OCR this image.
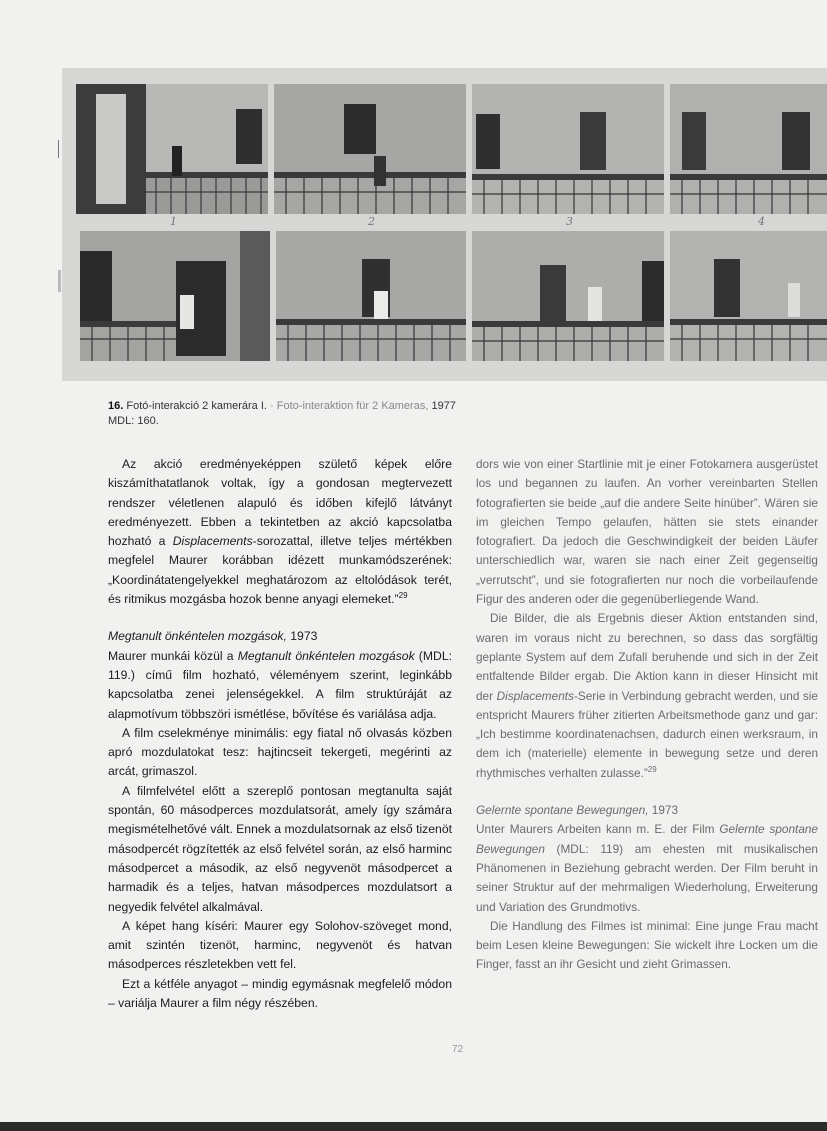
1	2	3	4
16. Fotó-interakció 2 kamerára I. · Foto-interaktion für 2 Kameras, 1977
MDL: 160.

Az akció eredményeképpen születő képek előre kiszámíthatatlanok voltak, így a gondosan megtervezett rendszer véletlenen alapuló és időben kifejlő látványt eredményezett. Ebben a tekintetben az akció kapcsolatba hozható a Displacements-sorozattal, illetve teljes mértékben megfelel Maurer korábban idézett munkamódszerének: „Koordinátatengelyekkel meghatározom az eltolódások terét, és ritmikus mozgásba hozok benne anyagi elemeket.”$^{29}$

Megtanult önkéntelen mozgások, 1973

Maurer munkái közül a Megtanult önkéntelen mozgások (MDL: 119.) című film hozható, véleményem szerint, leginkább kapcsolatba zenei jelenségekkel. A film struktúráját az alapmotívum többszöri ismétlése, bővítése és variálása adja.

A film cselekménye minimális: egy fiatal nő olvasás közben apró mozdulatokat tesz: hajtincseit tekergeti, megérinti az arcát, grimaszol.

A filmfelvétel előtt a szereplő pontosan megtanulta saját spontán, 60 másodperces mozdulatsorát, amely így számára megismételhetővé vált. Ennek a mozdulatsornak az első tizenöt másodpercét rögzítették az első felvétel során, az első harminc másodpercet a második, az első negyvenöt másodpercet a harmadik és a teljes, hatvan másodperces mozdulatsort a negyedik felvétel alkalmával.

A képet hang kíséri: Maurer egy Solohov-szöveget mond, amit szintén tizenöt, harminc, negyvenöt és hatvan másodperces részletekben vett fel.

Ezt a kétféle anyagot – mindig egymásnak megfelelő módon – variálja Maurer a film négy részében.

dors wie von einer Startlinie mit je einer Fotokamera ausgerüstet los und begannen zu laufen. An vorher vereinbarten Stellen fotografierten sie beide „auf die andere Seite hinüber”. Wären sie im gleichen Tempo gelaufen, hätten sie stets einander fotografiert. Da jedoch die Geschwindigkeit der beiden Läufer unterschiedlich war, waren sie nach einer Zeit gegenseitig „verrutscht”, und sie fotografierten nur noch die vorbeilaufende Figur des anderen oder die gegenüberliegende Wand.

Die Bilder, die als Ergebnis dieser Aktion entstanden sind, waren im voraus nicht zu berechnen, so dass das sorgfältig geplante System auf dem Zufall beruhende und sich in der Zeit entfaltende Bilder ergab. Die Aktion kann in dieser Hinsicht mit der Displacements-Serie in Verbindung gebracht werden, und sie entspricht Maurers früher zitierten Arbeitsmethode ganz und gar: „Ich bestimme koordinatenachsen, dadurch einen werksraum, in dem ich (materielle) elemente in bewegung setze und deren rhythmisches verhalten zulasse.”$^{29}$

Gelernte spontane Bewegungen, 1973

Unter Maurers Arbeiten kann m. E. der Film Gelernte spontane Bewegungen (MDL: 119) am ehesten mit musikalischen Phänomenen in Beziehung gebracht werden. Der Film beruht in seiner Struktur auf der mehrmaligen Wiederholung, Erweiterung und Variation des Grundmotivs.

Die Handlung des Filmes ist minimal: Eine junge Frau macht beim Lesen kleine Bewegungen: Sie wickelt ihre Locken um die Finger, fasst an ihr Gesicht und zieht Grimassen.

72
